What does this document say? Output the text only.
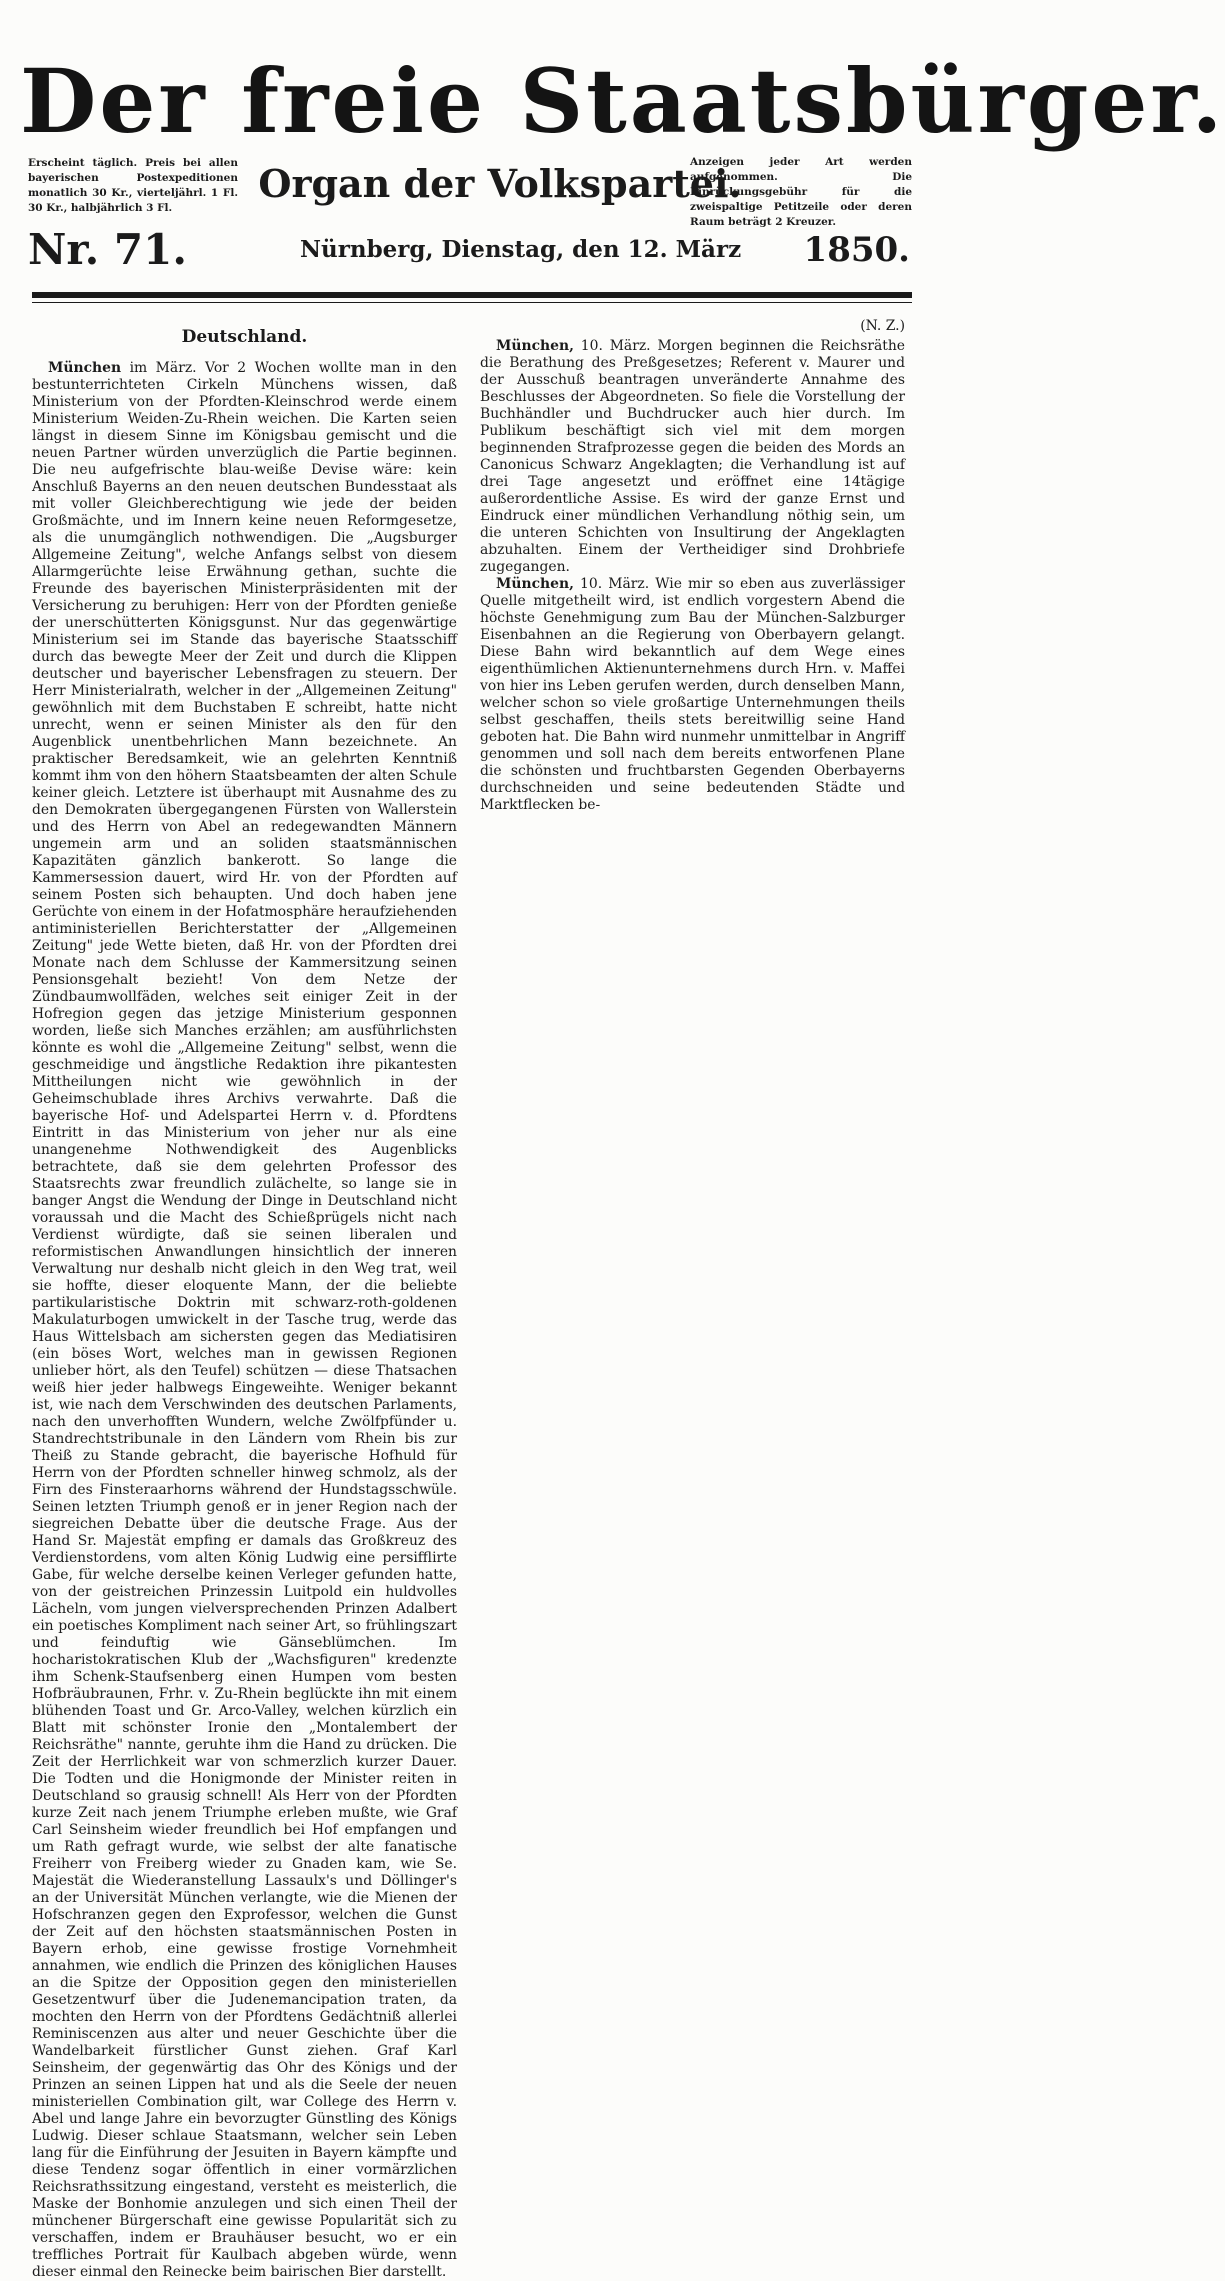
Der freie Staatsbürger.
Erscheint täglich. Preis bei allen bayerischen Postexpeditionen monatlich 30 Kr., vierteljährl. 1 Fl. 30 Kr., halbjährlich 3 Fl.
Organ der Volkspartei.
Anzeigen jeder Art werden aufgenommen. Die Einrückungsgebühr für die zweispaltige Petitzeile oder deren Raum beträgt 2 Kreuzer.
Nr. 71.	Nürnberg, Dienstag, den 12. März	1850.
Deutschland.

München im März. Vor 2 Wochen wollte man in den bestunterrichteten Cirkeln Münchens wissen, daß Ministerium von der Pfordten-Kleinschrod werde einem Ministerium Weiden-Zu-Rhein weichen. Die Karten seien längst in diesem Sinne im Königsbau gemischt und die neuen Partner würden unverzüglich die Partie beginnen. Die neu aufgefrischte blau-weiße Devise wäre: kein Anschluß Bayerns an den neuen deutschen Bundesstaat als mit voller Gleichberechtigung wie jede der beiden Großmächte, und im Innern keine neuen Reformgesetze, als die unumgänglich nothwendigen. Die „Augsburger Allgemeine Zeitung", welche Anfangs selbst von diesem Allarmgerüchte leise Erwähnung gethan, suchte die Freunde des bayerischen Ministerpräsidenten mit der Versicherung zu beruhigen: Herr von der Pfordten genieße der unerschütterten Königsgunst. Nur das gegenwärtige Ministerium sei im Stande das bayerische Staatsschiff durch das bewegte Meer der Zeit und durch die Klippen deutscher und bayerischer Lebensfragen zu steuern. Der Herr Ministerialrath, welcher in der „Allgemeinen Zeitung" gewöhnlich mit dem Buchstaben E schreibt, hatte nicht unrecht, wenn er seinen Minister als den für den Augenblick unentbehrlichen Mann bezeichnete. An praktischer Beredsamkeit, wie an gelehrten Kenntniß kommt ihm von den höhern Staatsbeamten der alten Schule keiner gleich. Letztere ist überhaupt mit Ausnahme des zu den Demokraten übergegangenen Fürsten von Wallerstein und des Herrn von Abel an redegewandten Männern ungemein arm und an soliden staatsmännischen Kapazitäten gänzlich bankerott. So lange die Kammersession dauert, wird Hr. von der Pfordten auf seinem Posten sich behaupten. Und doch haben jene Gerüchte von einem in der Hofatmosphäre heraufziehenden antiministeriellen Berichterstatter der „Allgemeinen Zeitung" jede Wette bieten, daß Hr. von der Pfordten drei Monate nach dem Schlusse der Kammersitzung seinen Pensionsgehalt bezieht! Von dem Netze der Zündbaumwollfäden, welches seit einiger Zeit in der Hofregion gegen das jetzige Ministerium gesponnen worden, ließe sich Manches erzählen; am ausführlichsten könnte es wohl die „Allgemeine Zeitung" selbst, wenn die geschmeidige und ängstliche Redaktion ihre pikantesten Mittheilungen nicht wie gewöhnlich in der Geheimschublade ihres Archivs verwahrte. Daß die bayerische Hof- und Adelspartei Herrn v. d. Pfordtens Eintritt in das Ministerium von jeher nur als eine unangenehme Nothwendigkeit des Augenblicks betrachtete, daß sie dem gelehrten Professor des Staatsrechts zwar freundlich zulächelte, so lange sie in banger Angst die Wendung der Dinge in Deutschland nicht voraussah und die Macht des Schießprügels nicht nach Verdienst würdigte, daß sie seinen liberalen und reformistischen Anwandlungen hinsichtlich der inneren Verwaltung nur deshalb nicht gleich in den Weg trat, weil sie hoffte, dieser eloquente Mann, der die beliebte partikularistische Doktrin mit schwarz-roth-goldenen Makulaturbogen umwickelt in der Tasche trug, werde das Haus Wittelsbach am sichersten gegen das Mediatisiren (ein böses Wort, welches man in gewissen Regionen unlieber hört, als den Teufel) schützen — diese Thatsachen weiß hier jeder halbwegs Eingeweihte. Weniger bekannt ist, wie nach dem Verschwinden des deutschen Parlaments, nach den unverhofften Wundern, welche Zwölfpfünder u. Standrechtstribunale in den Ländern vom Rhein bis zur Theiß zu Stande gebracht, die bayerische Hofhuld für Herrn von der Pfordten schneller hinweg schmolz, als der Firn des Finsteraarhorns während der Hundstagsschwüle. Seinen letzten Triumph genoß er in jener Region nach der siegreichen Debatte über die deutsche Frage. Aus der Hand Sr. Majestät empfing er damals das Großkreuz des Verdienstordens, vom alten König Ludwig eine persifflirte Gabe, für welche derselbe keinen Verleger gefunden hatte, von der geistreichen Prinzessin Luitpold ein huldvolles Lächeln, vom jungen vielversprechenden Prinzen Adalbert ein poetisches Kompliment nach seiner Art, so frühlingszart und feinduftig wie Gänseblümchen. Im hocharistokratischen Klub der „Wachsfiguren" kredenzte ihm Schenk-Staufsenberg einen Humpen vom besten Hofbräubraunen, Frhr. v. Zu-Rhein beglückte ihn mit einem blühenden Toast und Gr. Arco-Valley, welchen kürzlich ein Blatt mit schönster Ironie den „Montalembert der Reichsräthe" nannte, geruhte ihm die Hand zu drücken. Die Zeit der Herrlichkeit war von schmerzlich kurzer Dauer. Die Todten und die Honigmonde der Minister reiten in Deutschland so grausig schnell! Als Herr von der Pfordten kurze Zeit nach jenem Triumphe erleben mußte, wie Graf Carl Seinsheim wieder freundlich bei Hof empfangen und um Rath gefragt wurde, wie selbst der alte fanatische Freiherr von Freiberg wieder zu Gnaden kam, wie Se. Majestät die Wiederanstellung Lassaulx's und Döllinger's an der Universität München verlangte, wie die Mienen der Hofschranzen gegen den Exprofessor, welchen die Gunst der Zeit auf den höchsten staatsmännischen Posten in Bayern erhob, eine gewisse frostige Vornehmheit annahmen, wie endlich die Prinzen des königlichen Hauses an die Spitze der Opposition gegen den ministeriellen Gesetzentwurf über die Judenemancipation traten, da mochten den Herrn von der Pfordtens Gedächtniß allerlei Reminiscenzen aus alter und neuer Geschichte über die Wandelbarkeit fürstlicher Gunst ziehen. Graf Karl Seinsheim, der gegenwärtig das Ohr des Königs und der Prinzen an seinen Lippen hat und als die Seele der neuen ministeriellen Combination gilt, war College des Herrn v. Abel und lange Jahre ein bevorzugter Günstling des Königs Ludwig. Dieser schlaue Staatsmann, welcher sein Leben lang für die Einführung der Jesuiten in Bayern kämpfte und diese Tendenz sogar öffentlich in einer vormärzlichen Reichsrathssitzung eingestand, versteht es meisterlich, die Maske der Bonhomie anzulegen und sich einen Theil der münchener Bürgerschaft eine gewisse Popularität sich zu verschaffen, indem er Brauhäuser besucht, wo er ein treffliches Portrait für Kaulbach abgeben würde, wenn dieser einmal den Reinecke beim bairischen Bier darstellt.

(N. Z.)

München, 10. März. Morgen beginnen die Reichsräthe die Berathung des Preßgesetzes; Referent v. Maurer und der Ausschuß beantragen unveränderte Annahme des Beschlusses der Abgeordneten. So fiele die Vorstellung der Buchhändler und Buchdrucker auch hier durch. Im Publikum beschäftigt sich viel mit dem morgen beginnenden Strafprozesse gegen die beiden des Mords an Canonicus Schwarz Angeklagten; die Verhandlung ist auf drei Tage angesetzt und eröffnet eine 14tägige außerordentliche Assise. Es wird der ganze Ernst und Eindruck einer mündlichen Verhandlung nöthig sein, um die unteren Schichten von Insultirung der Angeklagten abzuhalten. Einem der Vertheidiger sind Drohbriefe zugegangen.

München, 10. März. Wie mir so eben aus zuverlässiger Quelle mitgetheilt wird, ist endlich vorgestern Abend die höchste Genehmigung zum Bau der München-Salzburger Eisenbahnen an die Regierung von Oberbayern gelangt. Diese Bahn wird bekanntlich auf dem Wege eines eigenthümlichen Aktienunternehmens durch Hrn. v. Maffei von hier ins Leben gerufen werden, durch denselben Mann, welcher schon so viele großartige Unternehmungen theils selbst geschaffen, theils stets bereitwillig seine Hand geboten hat. Die Bahn wird nunmehr unmittelbar in Angriff genommen und soll nach dem bereits entworfenen Plane die schönsten und fruchtbarsten Gegenden Oberbayerns durchschneiden und seine bedeutenden Städte und Marktflecken be-
